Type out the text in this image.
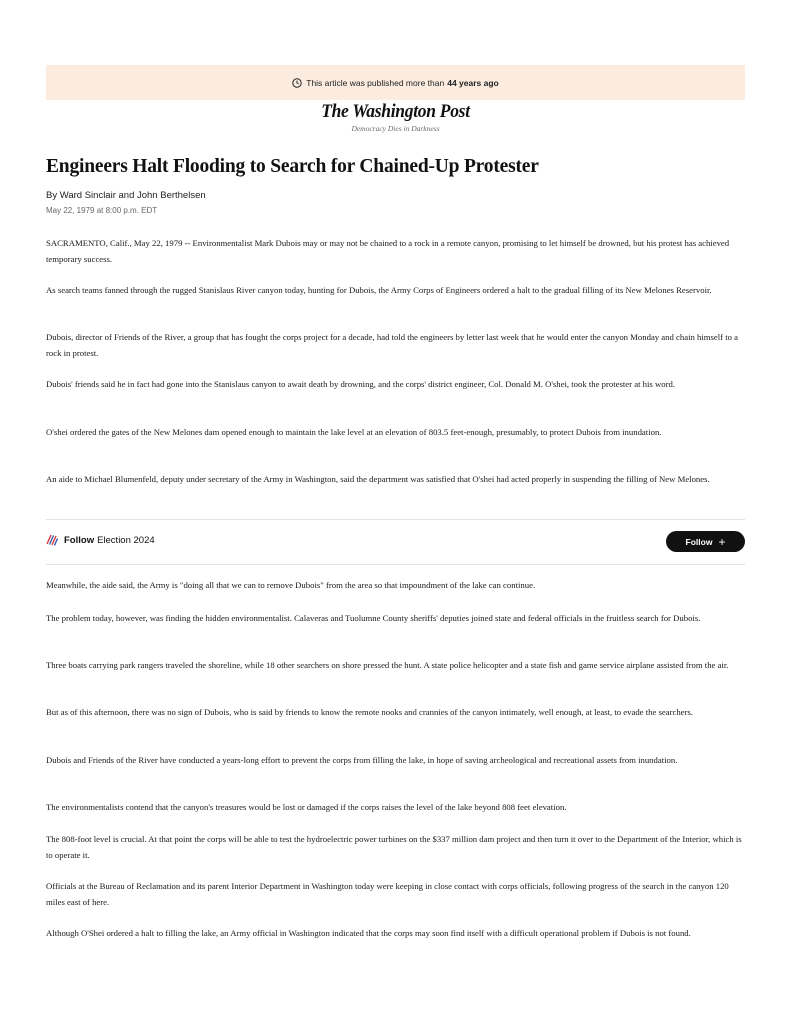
This article was published more than 44 years ago
The Washington Post
Democracy Dies in Darkness
Engineers Halt Flooding to Search for Chained-Up Protester
By Ward Sinclair and John Berthelsen
May 22, 1979 at 8:00 p.m. EDT

SACRAMENTO, Calif., May 22, 1979 -- Environmentalist Mark Dubois may or may not be chained to a rock in a remote canyon, promising to let himself be drowned, but his protest has achieved temporary success.

As search teams fanned through the rugged Stanislaus River canyon today, hunting for Dubois, the Army Corps of Engineers ordered a halt to the gradual filling of its New Melones Reservoir.

Dubois, director of Friends of the River, a group that has fought the corps project for a decade, had told the engineers by letter last week that he would enter the canyon Monday and chain himself to a rock in protest.

Dubois' friends said he in fact had gone into the Stanislaus canyon to await death by drowning, and the corps' district engineer, Col. Donald M. O'shei, took the protester at his word.

O'shei ordered the gates of the New Melones dam opened enough to maintain the lake level at an elevation of 803.5 feet-enough, presumably, to protect Dubois from inundation.

An aide to Michael Blumenfeld, deputy under secretary of the Army in Washington, said the department was satisfied that O'shei had acted properly in suspending the filling of New Melones.

Follow Election 2024	Follow +

Meanwhile, the aide said, the Army is "doing all that we can to remove Dubois" from the area so that impoundment of the lake can continue.

The problem today, however, was finding the hidden environmentalist. Calaveras and Tuolumne County sheriffs' deputies joined state and federal officials in the fruitless search for Dubois.

Three boats carrying park rangers traveled the shoreline, while 18 other searchers on shore pressed the hunt. A state police helicopter and a state fish and game service airplane assisted from the air.

But as of this afternoon, there was no sign of Dubois, who is said by friends to know the remote nooks and crannies of the canyon intimately, well enough, at least, to evade the searchers.

Dubois and Friends of the River have conducted a years-long effort to prevent the corps from filling the lake, in hope of saving archeological and recreational assets from inundation.

The environmentalists contend that the canyon's treasures would be lost or damaged if the corps raises the level of the lake beyond 808 feet elevation.

The 808-foot level is crucial. At that point the corps will be able to test the hydroelectric power turbines on the $337 million dam project and then turn it over to the Department of the Interior, which is to operate it.

Officials at the Bureau of Reclamation and its parent Interior Department in Washington today were keeping in close contact with corps officials, following progress of the search in the canyon 120 miles east of here.

Although O'Shei ordered a halt to filling the lake, an Army official in Washington indicated that the corps may soon find itself with a difficult operational problem if Dubois is not found.
